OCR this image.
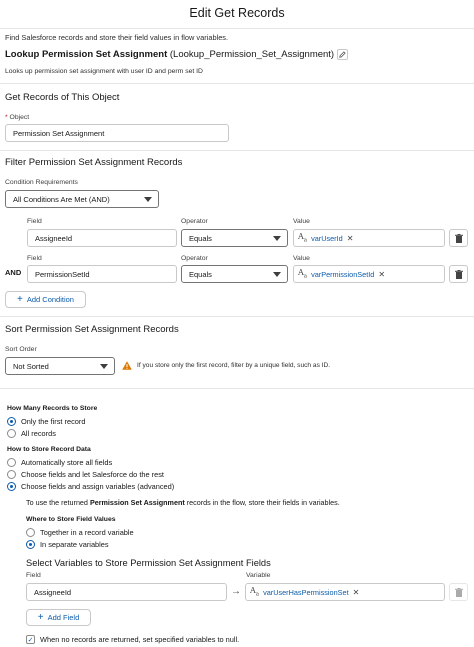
Edit Get Records
Find Salesforce records and store their field values in flow variables.
Lookup Permission Set Assignment (Lookup_Permission_Set_Assignment)
Looks up permission set assignment with user ID and perm set ID
Get Records of This Object
* Object
Permission Set Assignment
Filter Permission Set Assignment Records
Condition Requirements
All Conditions Are Met (AND)
Field	Operator	Value
AssigneeId	Equals	$A_a$ varUserId ✕
AND
Field	Operator	Value
PermissionSetId	Equals	$A_a$ varPermissionSetId ✕
+ Add Condition
Sort Permission Set Assignment Records
Sort Order
Not Sorted	If you store only the first record, filter by a unique field, such as ID.
How Many Records to Store
Only the first record
All records
How to Store Record Data
Automatically store all fields
Choose fields and let Salesforce do the rest
Choose fields and assign variables (advanced)
To use the returned Permission Set Assignment records in the flow, store their fields in variables.
Where to Store Field Values
Together in a record variable
In separate variables
Select Variables to Store Permission Set Assignment Fields
Field	Variable
AssigneeId	→ $A_a$ varUserHasPermissionSet ✕
+ Add Field
✓ When no records are returned, set specified variables to null.
